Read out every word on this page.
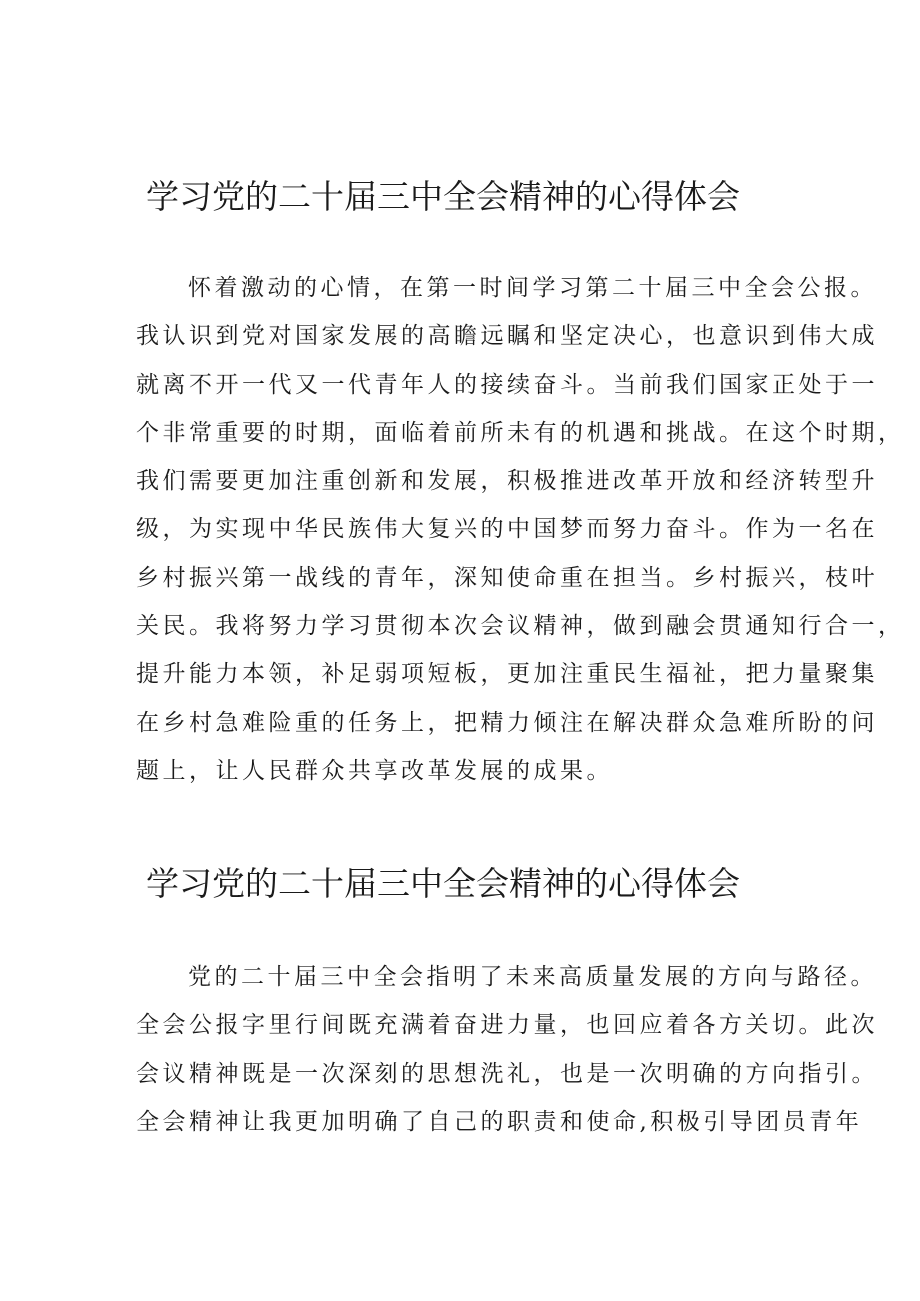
学习党的二十届三中全会精神的心得体会
怀着激动的心情，在第一时间学习第二十届三中全会公报。
我认识到党对国家发展的高瞻远瞩和坚定决心，也意识到伟大成
就离不开一代又一代青年人的接续奋斗。当前我们国家正处于一
个非常重要的时期，面临着前所未有的机遇和挑战。在这个时期，
我们需要更加注重创新和发展，积极推进改革开放和经济转型升
级，为实现中华民族伟大复兴的中国梦而努力奋斗。作为一名在
乡村振兴第一战线的青年，深知使命重在担当。乡村振兴，枝叶
关民。我将努力学习贯彻本次会议精神，做到融会贯通知行合一，
提升能力本领，补足弱项短板，更加注重民生福祉，把力量聚集
在乡村急难险重的任务上，把精力倾注在解决群众急难所盼的问
题上，让人民群众共享改革发展的成果。
学习党的二十届三中全会精神的心得体会
党的二十届三中全会指明了未来高质量发展的方向与路径。
全会公报字里行间既充满着奋进力量，也回应着各方关切。此次
会议精神既是一次深刻的思想洗礼，也是一次明确的方向指引。
全会精神让我更加明确了自己的职责和使命,积极引导团员青年
